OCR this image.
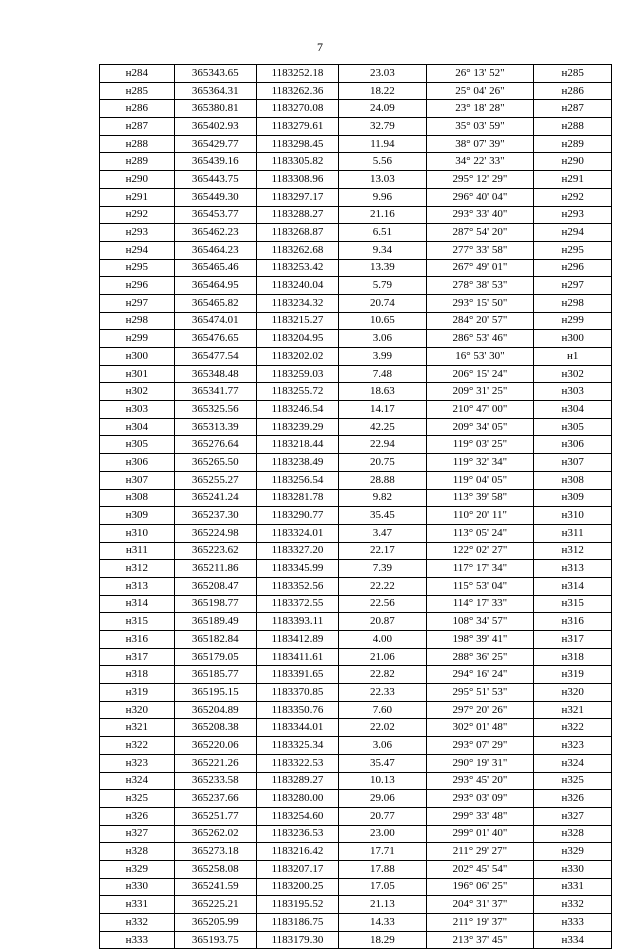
7
н284	365343.65	1183252.18	23.03	26° 13' 52"	н285
н285	365364.31	1183262.36	18.22	25° 04' 26"	н286
н286	365380.81	1183270.08	24.09	23° 18' 28"	н287
н287	365402.93	1183279.61	32.79	35° 03' 59"	н288
н288	365429.77	1183298.45	11.94	38° 07' 39"	н289
н289	365439.16	1183305.82	5.56	34° 22' 33"	н290
н290	365443.75	1183308.96	13.03	295° 12' 29"	н291
н291	365449.30	1183297.17	9.96	296° 40' 04"	н292
н292	365453.77	1183288.27	21.16	293° 33' 40"	н293
н293	365462.23	1183268.87	6.51	287° 54' 20"	н294
н294	365464.23	1183262.68	9.34	277° 33' 58"	н295
н295	365465.46	1183253.42	13.39	267° 49' 01"	н296
н296	365464.95	1183240.04	5.79	278° 38' 53"	н297
н297	365465.82	1183234.32	20.74	293° 15' 50"	н298
н298	365474.01	1183215.27	10.65	284° 20' 57"	н299
н299	365476.65	1183204.95	3.06	286° 53' 46"	н300
н300	365477.54	1183202.02	3.99	16° 53' 30"	н1
н301	365348.48	1183259.03	7.48	206° 15' 24"	н302
н302	365341.77	1183255.72	18.63	209° 31' 25"	н303
н303	365325.56	1183246.54	14.17	210° 47' 00"	н304
н304	365313.39	1183239.29	42.25	209° 34' 05"	н305
н305	365276.64	1183218.44	22.94	119° 03' 25"	н306
н306	365265.50	1183238.49	20.75	119° 32' 34"	н307
н307	365255.27	1183256.54	28.88	119° 04' 05"	н308
н308	365241.24	1183281.78	9.82	113° 39' 58"	н309
н309	365237.30	1183290.77	35.45	110° 20' 11"	н310
н310	365224.98	1183324.01	3.47	113° 05' 24"	н311
н311	365223.62	1183327.20	22.17	122° 02' 27"	н312
н312	365211.86	1183345.99	7.39	117° 17' 34"	н313
н313	365208.47	1183352.56	22.22	115° 53' 04"	н314
н314	365198.77	1183372.55	22.56	114° 17' 33"	н315
н315	365189.49	1183393.11	20.87	108° 34' 57"	н316
н316	365182.84	1183412.89	4.00	198° 39' 41"	н317
н317	365179.05	1183411.61	21.06	288° 36' 25"	н318
н318	365185.77	1183391.65	22.82	294° 16' 24"	н319
н319	365195.15	1183370.85	22.33	295° 51' 53"	н320
н320	365204.89	1183350.76	7.60	297° 20' 26"	н321
н321	365208.38	1183344.01	22.02	302° 01' 48"	н322
н322	365220.06	1183325.34	3.06	293° 07' 29"	н323
н323	365221.26	1183322.53	35.47	290° 19' 31"	н324
н324	365233.58	1183289.27	10.13	293° 45' 20"	н325
н325	365237.66	1183280.00	29.06	293° 03' 09"	н326
н326	365251.77	1183254.60	20.77	299° 33' 48"	н327
н327	365262.02	1183236.53	23.00	299° 01' 40"	н328
н328	365273.18	1183216.42	17.71	211° 29' 27"	н329
н329	365258.08	1183207.17	17.88	202° 45' 54"	н330
н330	365241.59	1183200.25	17.05	196° 06' 25"	н331
н331	365225.21	1183195.52	21.13	204° 31' 37"	н332
н332	365205.99	1183186.75	14.33	211° 19' 37"	н333
н333	365193.75	1183179.30	18.29	213° 37' 45"	н334
